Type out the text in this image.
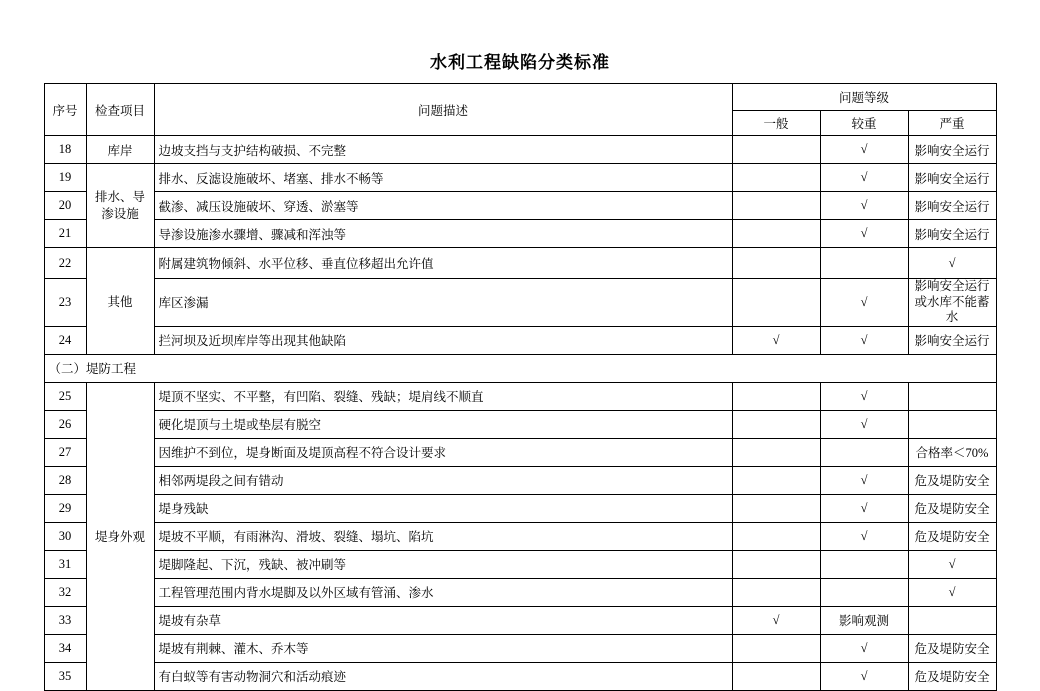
水利工程缺陷分类标准
序号	检查项目	问题描述	问题等级		
			一般	较重	严重
18	库岸	边坡支挡与支护结构破损、不完整		√	影响安全运行
19	排水、导渗设施	排水、反滤设施破坏、堵塞、排水不畅等		√	影响安全运行
20		截渗、减压设施破坏、穿透、淤塞等		√	影响安全运行
21		导渗设施渗水骤增、骤减和浑浊等		√	影响安全运行
22	其他	附属建筑物倾斜、水平位移、垂直位移超出允许值			√
23		库区渗漏		√	影响安全运行或水库不能蓄水
24		拦河坝及近坝库岸等出现其他缺陷	√	√	影响安全运行
（二）堤防工程					
25	堤身外观	堤顶不坚实、不平整，有凹陷、裂缝、残缺；堤肩线不顺直		√	
26		硬化堤顶与土堤或垫层有脱空		√	
27		因维护不到位，堤身断面及堤顶高程不符合设计要求			合格率＜70%
28		相邻两堤段之间有错动		√	危及堤防安全
29		堤身残缺		√	危及堤防安全
30		堤坡不平顺，有雨淋沟、滑坡、裂缝、塌坑、陷坑		√	危及堤防安全
31		堤脚隆起、下沉，残缺、被冲刷等			√
32		工程管理范围内背水堤脚及以外区域有管涌、渗水			√
33		堤坡有杂草	√	影响观测	
34		堤坡有荆棘、灌木、乔木等		√	危及堤防安全
35		有白蚁等有害动物洞穴和活动痕迹		√	危及堤防安全
